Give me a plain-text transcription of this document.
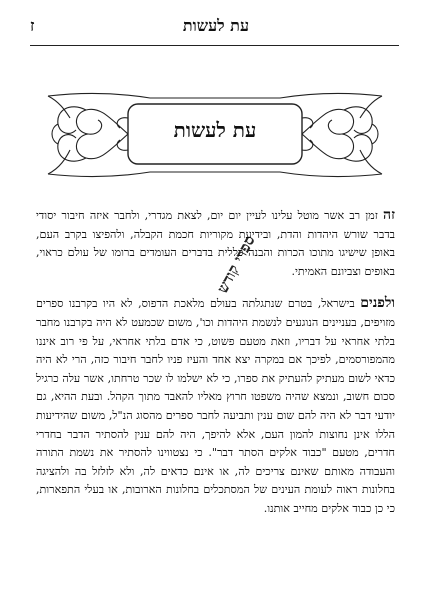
עת לעשות
ז
עת לעשות

זה זמן רב אשר מוטל עלינו לעיין יום יום, לצאת מגדרי, ולחבר איזה חיבור יסודי בדבר שורש היהדות והדת, ובידיעת מקוריות חכמת הקבלה, ולהפיצו בקרב העם, באופן שישיגו מתוכו הכרות והבנה כללית בדברים העומדים ברומו של עולם כראוי, באופים וצביונם האמיתי.

ולפנים בישראל, בטרם שנתגלתה בעולם מלאכת הדפוס, לא היו בקרבנו ספרים מזויפים, בעניינים הנוגעים לנשמת היהדות וכו', משום שכמעט לא היה בקרבנו מחבר בלתי אחראי על דבריו, וזאת מטעם פשוט, כי אדם בלתי אחראי, על פי רוב איננו מהמפורסמים, לפיכך אם במקרה יצא אחד והעיז פניו לחבר חיבור כזה, הרי לא היה כדאי לשום מעתיק להעתיק את ספרו, כי לא ישלמו לו שכר טרחתו, אשר עלה כרגיל סכום חשוב, ונמצא שהיה משפטו חרוץ מאליו להאבד מתוך הקהל. ובעת ההיא, גם יודעי דבר לא היה להם שום ענין ותביעה לחבר ספרים מהסוג הנ"ל, משום שהידיעות הללו אינן נחוצות להמון העם, אלא להיפך, היה להם ענין להסתיר הדבר בחדרי חדרים, מטעם "כבוד אלקים הסתר דבר". כי נצטווינו להסתיר את נשמת התורה והעבודה מאותם שאינם צריכים לה, או אינם כדאים לה, ולא לזלזל בה ולהציגה בחלונות ראוה לעומת העינים של המסתכלים בחלונות הארובות, או בעלי התפארות, כי כן כבוד אלקים מחייב אותנו.

ספרי קודש
